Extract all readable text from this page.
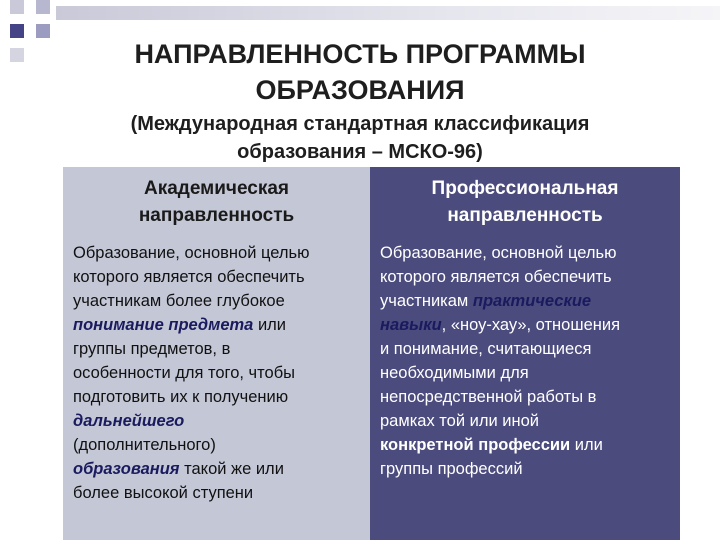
НАПРАВЛЕННОСТЬ ПРОГРАММЫ
ОБРАЗОВАНИЯ
(Международная стандартная классификация
образования – МСКО-96)
Академическая
направленность

Образование, основной целью
которого является обеспечить
участникам более глубокое
понимание предмета или
группы предметов, в
особенности для того, чтобы
подготовить их к получению
дальнейшего
(дополнительного)
образования такой же или
более высокой ступени

Профессиональная
направленность

Образование, основной целью
которого является обеспечить
участникам практические
навыки, «ноу-хау», отношения
и понимание, считающиеся
необходимыми для
непосредственной работы в
рамках той или иной
конкретной профессии или
группы профессий
